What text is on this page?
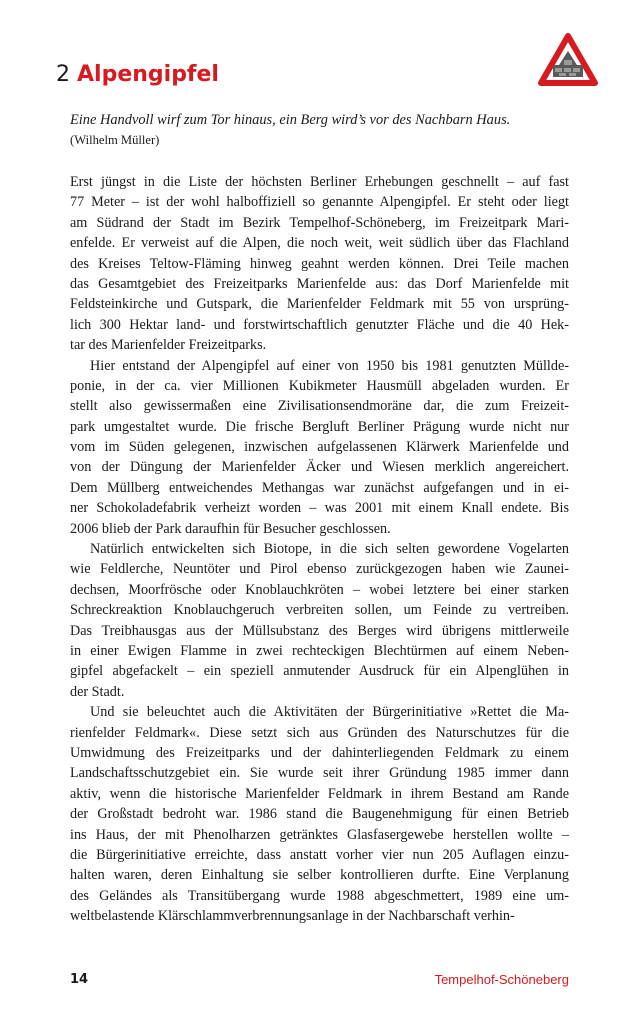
2 Alpengipfel
Eine Handvoll wirf zum Tor hinaus, ein Berg wird’s vor des Nachbarn Haus.
(Wilhelm Müller)
Erst jüngst in die Liste der höchsten Berliner Erhebungen geschnellt – auf fast
77 Meter – ist der wohl halboffiziell so genannte Alpengipfel. Er steht oder liegt
am Südrand der Stadt im Bezirk Tempelhof-Schöneberg, im Freizeitpark Mari-
enfelde. Er verweist auf die Alpen, die noch weit, weit südlich über das Flachland
des Kreises Teltow-Fläming hinweg geahnt werden können. Drei Teile machen
das Gesamtgebiet des Freizeitparks Marienfelde aus: das Dorf Marienfelde mit
Feldsteinkirche und Gutspark, die Marienfelder Feldmark mit 55 von ursprüng-
lich 300 Hektar land- und forstwirtschaftlich genutzter Fläche und die 40 Hek-
tar des Marienfelder Freizeitparks.
Hier entstand der Alpengipfel auf einer von 1950 bis 1981 genutzten Mülldе-
ponie, in der ca. vier Millionen Kubikmeter Hausmüll abgeladen wurden. Er
stellt also gewissermaßen eine Zivilisationsendmoräne dar, die zum Freizeit-
park umgestaltet wurde. Die frische Bergluft Berliner Prägung wurde nicht nur
vom im Süden gelegenen, inzwischen aufgelassenen Klärwerk Marienfelde und
von der Düngung der Marienfelder Äcker und Wiesen merklich angereichert.
Dem Müllberg entweichendes Methangas war zunächst aufgefangen und in ei-
ner Schokoladefabrik verheizt worden – was 2001 mit einem Knall endete. Bis
2006 blieb der Park daraufhin für Besucher geschlossen.
Natürlich entwickelten sich Biotope, in die sich selten gewordene Vogelarten
wie Feldlerche, Neuntöter und Pirol ebenso zurückgezogen haben wie Zaunei-
dechsen, Moorfrösche oder Knoblauchkröten – wobei letztere bei einer starken
Schreckreaktion Knoblauchgeruch verbreiten sollen, um Feinde zu vertreiben.
Das Treibhausgas aus der Müllsubstanz des Berges wird übrigens mittlerweile
in einer Ewigen Flamme in zwei rechteckigen Blechtürmen auf einem Neben-
gipfel abgefackelt – ein speziell anmutender Ausdruck für ein Alpenglühen in
der Stadt.
Und sie beleuchtet auch die Aktivitäten der Bürgerinitiative »Rettet die Ma-
rienfelder Feldmark«. Diese setzt sich aus Gründen des Naturschutzes für die
Umwidmung des Freizeitparks und der dahinterliegenden Feldmark zu einem
Landschaftsschutzgebiet ein. Sie wurde seit ihrer Gründung 1985 immer dann
aktiv, wenn die historische Marienfelder Feldmark in ihrem Bestand am Rande
der Großstadt bedroht war. 1986 stand die Baugenehmigung für einen Betrieb
ins Haus, der mit Phenolharzen getränktes Glasfasergewebe herstellen wollte –
die Bürgerinitiative erreichte, dass anstatt vorher vier nun 205 Auflagen einzu-
halten waren, deren Einhaltung sie selber kontrollieren durfte. Eine Verplanung
des Geländes als Transitübergang wurde 1988 abgeschmettert, 1989 eine um-
weltbelastende Klärschlammverbrennungsanlage in der Nachbarschaft verhin-
14	Tempelhof-Schöneberg
